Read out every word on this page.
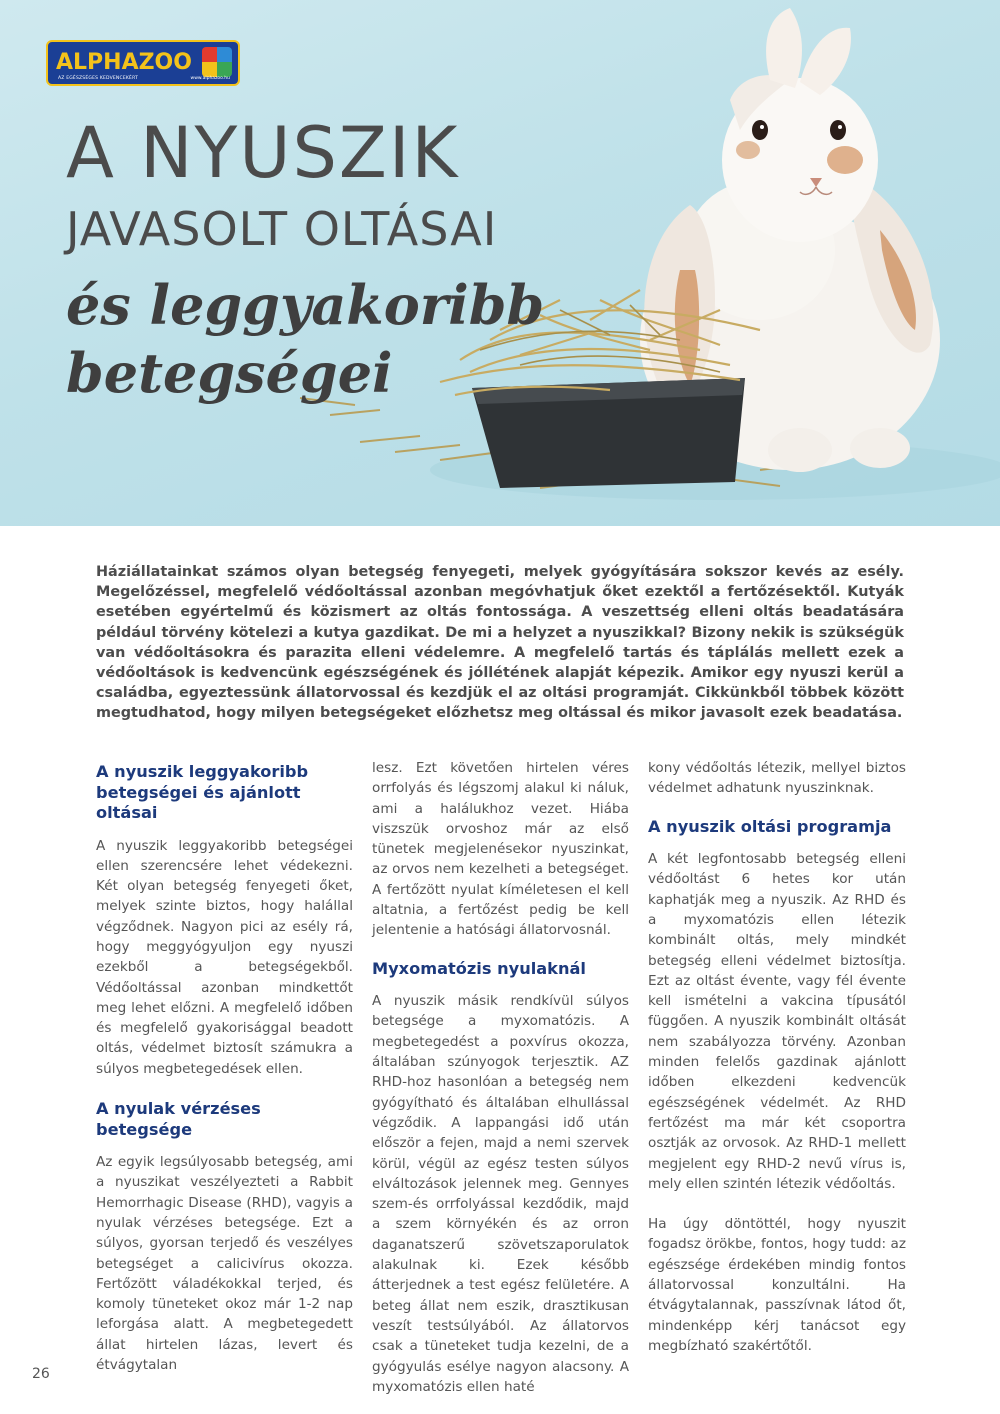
ALPHAZOO
AZ EGÉSZSÉGES KEDVENCEKÉRT	www.alphazoo.hu
A NYUSZIK
JAVASOLT OLTÁSAI
és leggyakoribb
betegségei
Háziállatainkat számos olyan betegség fenyegeti, melyek gyógyítására sokszor kevés az esély. Megelőzéssel, megfelelő védőoltással azonban megóvhatjuk őket ezektől a fertőzésektől. Kutyák esetében egyértelmű és közismert az oltás fontossága. A veszettség elleni oltás beadatására például törvény kötelezi a kutya gazdikat. De mi a helyzet a nyuszikkal? Bizony nekik is szükségük van védőoltásokra és parazita elleni védelemre. A megfelelő tartás és táplálás mellett ezek a védőoltások is kedvencünk egészségének és jóllétének alapját képezik. Amikor egy nyuszi kerül a családba, egyeztessünk állatorvossal és kezdjük el az oltási programját. Cikkünkből többek között megtudhatod, hogy milyen betegségeket előzhetsz meg oltással és mikor javasolt ezek beadatása.
A nyuszik leggyakoribb betegségei és ajánlott oltásai

A nyuszik leggyakoribb betegségei ellen szerencsére lehet védekezni. Két olyan betegség fenyegeti őket, melyek szinte biztos, hogy halállal végződnek. Nagyon pici az esély rá, hogy meggyógyuljon egy nyuszi ezekből a betegségekből. Védőoltással azonban mindkettőt meg lehet előzni. A megfelelő időben és megfelelő gyakorisággal beadott oltás, védelmet biztosít számukra a súlyos megbetegedések ellen.

A nyulak vérzéses betegsége

Az egyik legsúlyosabb betegség, ami a nyuszikat veszélyezteti a Rabbit Hemorrhagic Disease (RHD), vagyis a nyulak vérzéses betegsége. Ezt a súlyos, gyorsan terjedő és veszélyes betegséget a calicivírus okozza. Fertőzött váladékokkal terjed, és komoly tüneteket okoz már 1-2 nap leforgása alatt. A megbetegedett állat hirtelen lázas, levert és étvágytalan

lesz. Ezt követően hirtelen véres orrfolyás és légszomj alakul ki náluk, ami a halálukhoz vezet. Hiába viszszük orvoshoz már az első tünetek megjelenésekor nyuszinkat, az orvos nem kezelheti a betegséget. A fertőzött nyulat kíméletesen el kell altatnia, a fertőzést pedig be kell jelentenie a hatósági állatorvosnál.

Myxomatózis nyulaknál

A nyuszik másik rendkívül súlyos betegsége a myxomatózis. A megbetegedést a poxvírus okozza, általában szúnyogok terjesztik. AZ RHD-hoz hasonlóan a betegség nem gyógyítható és általában elhullással végződik. A lappangási idő után először a fejen, majd a nemi szervek körül, végül az egész testen súlyos elváltozások jelennek meg. Gennyes szem-és orrfolyással kezdődik, majd a szem környékén és az orron daganatszerű szövetszaporulatok alakulnak ki. Ezek később átterjednek a test egész felületére. A beteg állat nem eszik, drasztikusan veszít testsúlyából. Az állatorvos csak a tüneteket tudja kezelni, de a gyógyulás esélye nagyon alacsony. A myxomatózis ellen haté

kony védőoltás létezik, mellyel biztos védelmet adhatunk nyuszinknak.

A nyuszik oltási programja

A két legfontosabb betegség elleni védőoltást 6 hetes kor után kaphatják meg a nyuszik. Az RHD és a myxomatózis ellen létezik kombinált oltás, mely mindkét betegség elleni védelmet biztosítja. Ezt az oltást évente, vagy fél évente kell ismételni a vakcina típusától függően. A nyuszik kombinált oltását nem szabályozza törvény. Azonban minden felelős gazdinak ajánlott időben elkezdeni kedvencük egészségének védelmét. Az RHD fertőzést ma már két csoportra osztják az orvosok. Az RHD-1 mellett megjelent egy RHD-2 nevű vírus is, mely ellen szintén létezik védőoltás.

Ha úgy döntöttél, hogy nyuszit fogadsz örökbe, fontos, hogy tudd: az egészsége érdekében mindig fontos állatorvossal konzultálni. Ha étvágytalannak, passzívnak látod őt, mindenképp kérj tanácsot egy megbízható szakértőtől.

26
